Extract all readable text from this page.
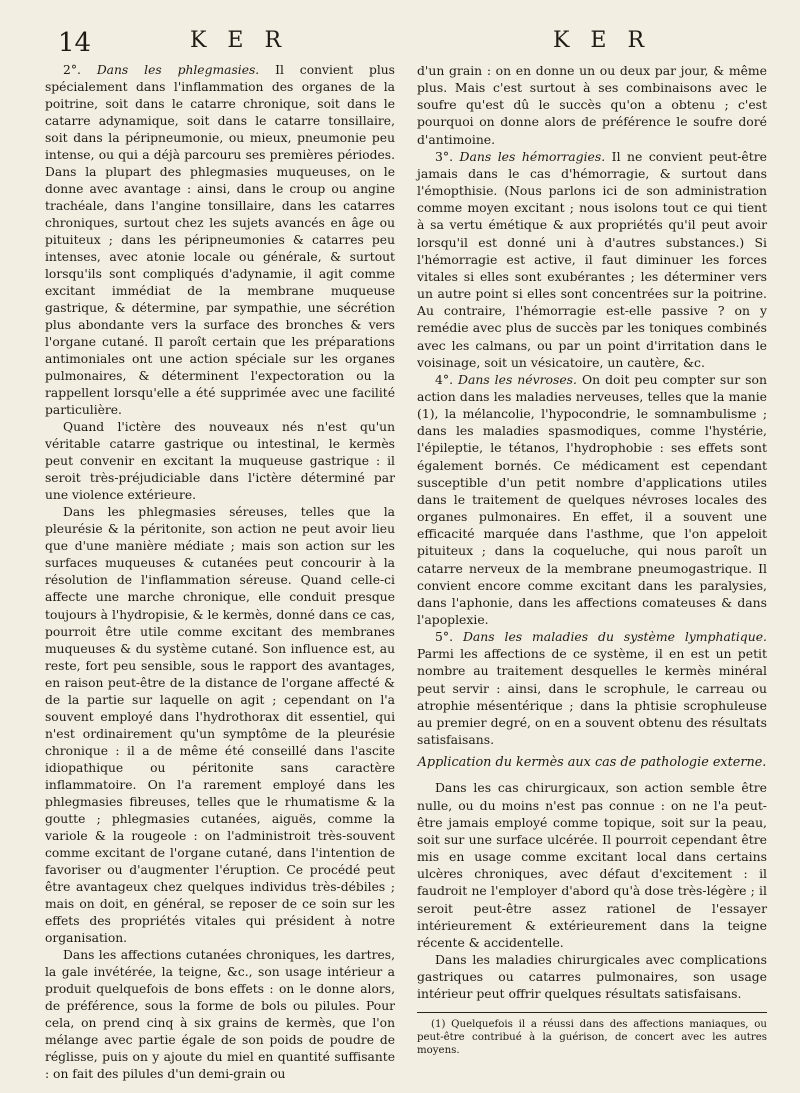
14	K E R	K E R

2°. Dans les phlegmasies. Il convient plus spécialement dans l'inflammation des organes de la poitrine, soit dans le catarre chronique, soit dans le catarre adynamique, soit dans le catarre tonsillaire, soit dans la péripneumonie, ou mieux, pneumonie peu intense, ou qui a déjà parcouru ses premières périodes. Dans la plupart des phlegmasies muqueuses, on le donne avec avantage : ainsi, dans le croup ou angine trachéale, dans l'angine tonsillaire, dans les catarres chroniques, surtout chez les sujets avancés en âge ou pituiteux ; dans les péripneumonies & catarres peu intenses, avec atonie locale ou générale, & surtout lorsqu'ils sont compliqués d'adynamie, il agit comme excitant immédiat de la membrane muqueuse gastrique, & détermine, par sympathie, une sécrétion plus abondante vers la surface des bronches & vers l'organe cutané. Il paroît certain que les préparations antimoniales ont une action spéciale sur les organes pulmonaires, & déterminent l'expectoration ou la rappellent lorsqu'elle a été supprimée avec une facilité particulière.

Quand l'ictère des nouveaux nés n'est qu'un véritable catarre gastrique ou intestinal, le kermès peut convenir en excitant la muqueuse gastrique : il seroit très-préjudiciable dans l'ictère déterminé par une violence extérieure.

Dans les phlegmasies séreuses, telles que la pleurésie & la péritonite, son action ne peut avoir lieu que d'une manière médiate ; mais son action sur les surfaces muqueuses & cutanées peut concourir à la résolution de l'inflammation séreuse. Quand celle-ci affecte une marche chronique, elle conduit presque toujours à l'hydropisie, & le kermès, donné dans ce cas, pourroit être utile comme excitant des membranes muqueuses & du système cutané. Son influence est, au reste, fort peu sensible, sous le rapport des avantages, en raison peut-être de la distance de l'organe affecté & de la partie sur laquelle on agit ; cependant on l'a souvent employé dans l'hydrothorax dit essentiel, qui n'est ordinairement qu'un symptôme de la pleurésie chronique : il a de même été conseillé dans l'ascite idiopathique ou péritonite sans caractère inflammatoire. On l'a rarement employé dans les phlegmasies fibreuses, telles que le rhumatisme & la goutte ; phlegmasies cutanées, aiguës, comme la variole & la rougeole : on l'administroit très-souvent comme excitant de l'organe cutané, dans l'intention de favoriser ou d'augmenter l'éruption. Ce procédé peut être avantageux chez quelques individus très-débiles ; mais on doit, en général, se reposer de ce soin sur les effets des propriétés vitales qui président à notre organisation.

Dans les affections cutanées chroniques, les dartres, la gale invétérée, la teigne, &c., son usage intérieur a produit quelquefois de bons effets : on le donne alors, de préférence, sous la forme de bols ou pilules. Pour cela, on prend cinq à six grains de kermès, que l'on mélange avec partie égale de son poids de poudre de réglisse, puis on y ajoute du miel en quantité suffisante : on fait des pilules d'un demi-grain ou

d'un grain : on en donne un ou deux par jour, & même plus. Mais c'est surtout à ses combinaisons avec le soufre qu'est dû le succès qu'on a obtenu ; c'est pourquoi on donne alors de préférence le soufre doré d'antimoine.

3°. Dans les hémorragies. Il ne convient peut-être jamais dans le cas d'hémorragie, & surtout dans l'émopthisie. (Nous parlons ici de son administration comme moyen excitant ; nous isolons tout ce qui tient à sa vertu émétique & aux propriétés qu'il peut avoir lorsqu'il est donné uni à d'autres substances.) Si l'hémorragie est active, il faut diminuer les forces vitales si elles sont exubérantes ; les déterminer vers un autre point si elles sont concentrées sur la poitrine. Au contraire, l'hémorragie est-elle passive ? on y remédie avec plus de succès par les toniques combinés avec les calmans, ou par un point d'irritation dans le voisinage, soit un vésicatoire, un cautère, &c.

4°. Dans les névroses. On doit peu compter sur son action dans les maladies nerveuses, telles que la manie (1), la mélancolie, l'hypocondrie, le somnambulisme ; dans les maladies spasmodiques, comme l'hystérie, l'épileptie, le tétanos, l'hydrophobie : ses effets sont également bornés. Ce médicament est cependant susceptible d'un petit nombre d'applications utiles dans le traitement de quelques névroses locales des organes pulmonaires. En effet, il a souvent une efficacité marquée dans l'asthme, que l'on appeloit pituiteux ; dans la coqueluche, qui nous paroît un catarre nerveux de la membrane pneumogastrique. Il convient encore comme excitant dans les paralysies, dans l'aphonie, dans les affections comateuses & dans l'apoplexie.

5°. Dans les maladies du système lymphatique. Parmi les affections de ce système, il en est un petit nombre au traitement desquelles le kermès minéral peut servir : ainsi, dans le scrophule, le carreau ou atrophie mésentérique ; dans la phtisie scrophuleuse au premier degré, on en a souvent obtenu des résultats satisfaisans.

Application du kermès aux cas de pathologie externe.

Dans les cas chirurgicaux, son action semble être nulle, ou du moins n'est pas connue : on ne l'a peut-être jamais employé comme topique, soit sur la peau, soit sur une surface ulcérée. Il pourroit cependant être mis en usage comme excitant local dans certains ulcères chroniques, avec défaut d'excitement : il faudroit ne l'employer d'abord qu'à dose très-légère ; il seroit peut-être assez rationel de l'essayer intérieurement & extérieurement dans la teigne récente & accidentelle.

Dans les maladies chirurgicales avec complications gastriques ou catarres pulmonaires, son usage intérieur peut offrir quelques résultats satisfaisans.

(1) Quelquefois il a réussi dans des affections maniaques, ou peut-être contribué à la guérison, de concert avec les autres moyens.
